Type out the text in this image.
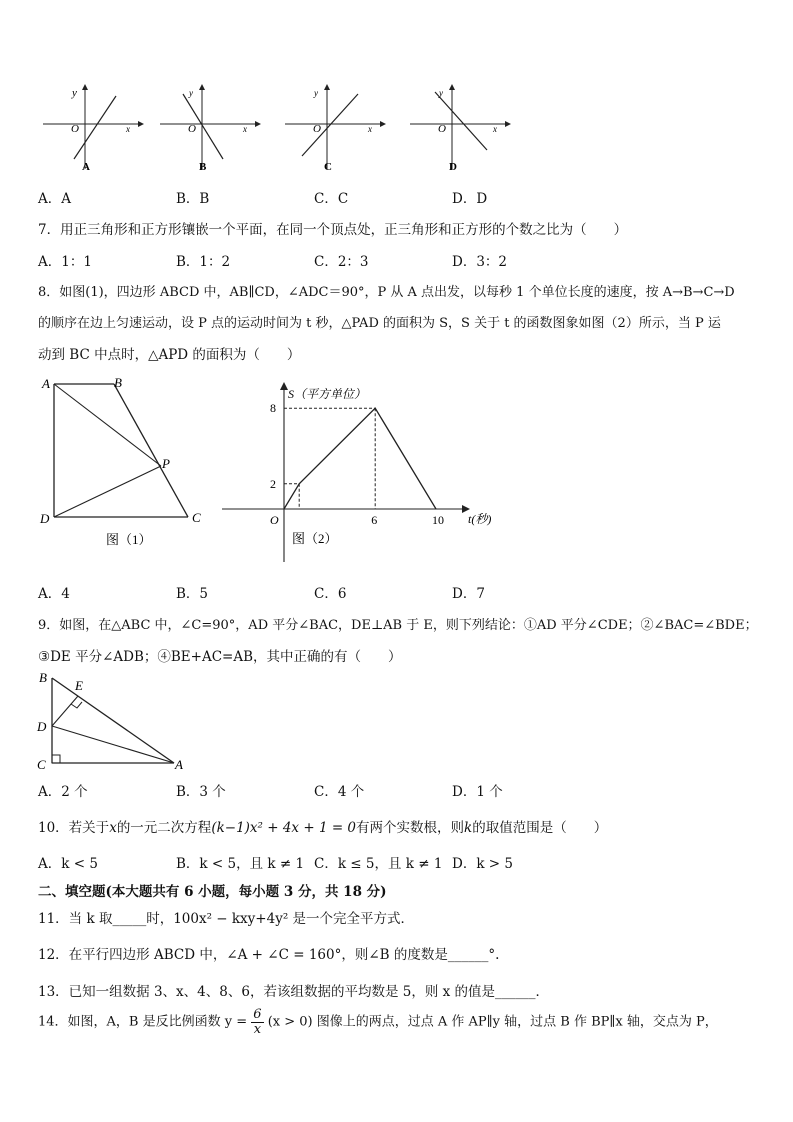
y
O	x
A
y
O	x
B
y
O	x
C
y
O	x
D
A．A	B．B	C．C	D．D
7．用正三角形和正方形镶嵌一个平面，在同一个顶点处，正三角形和正方形的个数之比为（　　）
A．1：1	B．1：2	C．2：3	D．3：2
8．如图(1)，四边形 ABCD 中，AB∥CD，∠ADC＝90°，P 从 A 点出发，以每秒 1 个单位长度的速度，按 A→B→C→D
的顺序在边上匀速运动，设 P 点的运动时间为 t 秒，△PAD 的面积为 S，S 关于 t 的函数图象如图（2）所示，当 P 运
动到 BC 中点时，△APD 的面积为（　　）
A	B
P
D	C
图（1）
S（平方单位）
t(秒)
O	6	10
8
2
图（2）
A．4	B．5	C．6	D．7
9．如图，在△ABC 中，∠C=90°，AD 平分∠BAC，DE⊥AB 于 E，则下列结论：①AD 平分∠CDE；②∠BAC=∠BDE；
③DE 平分∠ADB；④BE+AC=AB，其中正确的有（　　）
B
E
D
C	A
A．2 个	B．3 个	C．4 个	D．1 个
10．若关于x的一元二次方程(k−1)x² + 4x + 1 = 0有两个实数根，则k的取值范围是（　　）
A．k < 5	B．k < 5，且 k ≠ 1 C．k ≤ 5，且 k ≠ 1 D．k > 5
二、填空题(本大题共有 6 小题，每小题 3 分，共 18 分)
11．当 k 取_____时，100x² − kxy+4y² 是一个完全平方式．
12．在平行四边形 ABCD 中，∠A + ∠C = 160°，则∠B 的度数是______°.
13．已知一组数据 3、x、4、8、6，若该组数据的平均数是 5，则 x 的值是______．
14．如图，A，B 是反比例函数 $y = \frac{6}{x} (x > 0)$ 图像上的两点，过点 A 作 AP∥y 轴，过点 B 作 BP∥x 轴，交点为 P，
